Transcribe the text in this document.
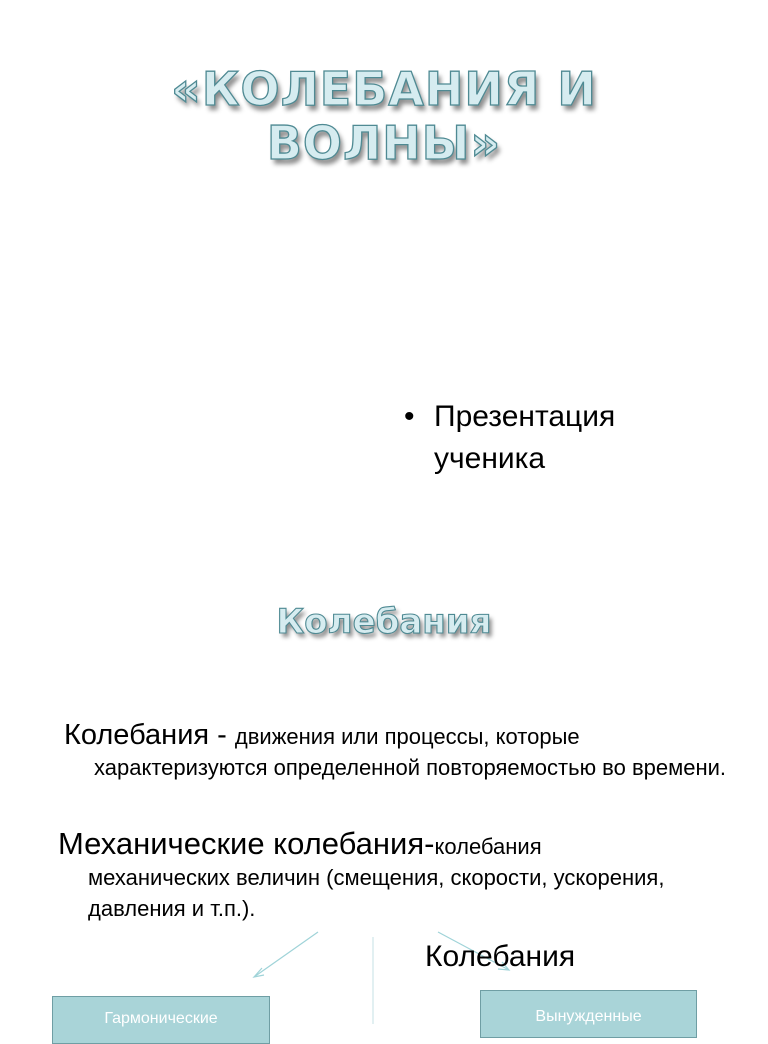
«КОЛЕБАНИЯ И
ВОЛНЫ»
• Презентация
ученика
Колебания

Колебания - движения или процессы, которые
характеризуются определенной повторяемостью во времени.

Механические колебания-колебания
механических величин (смещения, скорости, ускорения, давления и т.п.).

Колебания

Гармонические	Вынужденные
